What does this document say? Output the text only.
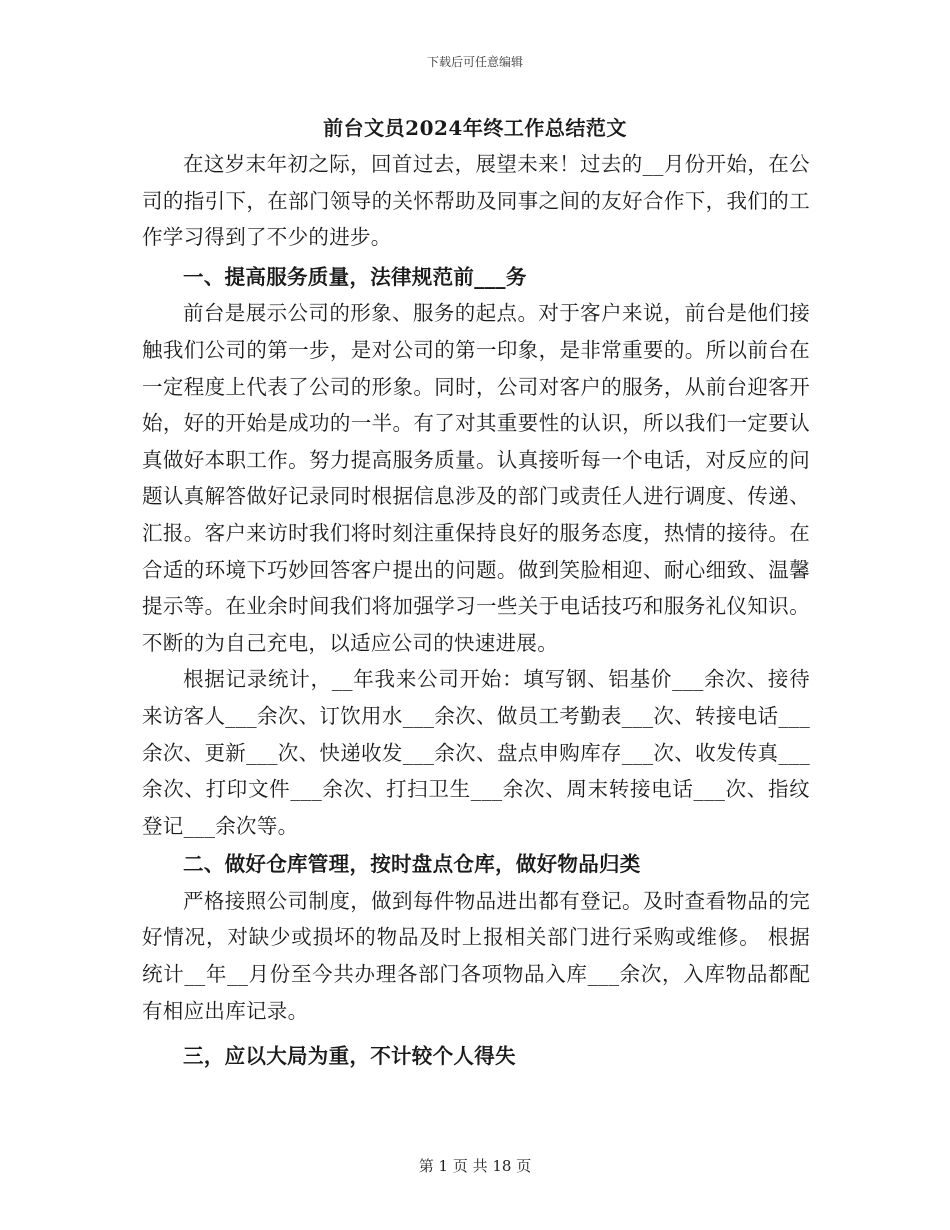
下载后可任意编辑
前台文员2024年终工作总结范文

在这岁末年初之际，回首过去，展望未来！过去的__月份开始，在公司的指引下，在部门领导的关怀帮助及同事之间的友好合作下，我们的工作学习得到了不少的进步。

一、提高服务质量，法律规范前___务

前台是展示公司的形象、服务的起点。对于客户来说，前台是他们接触我们公司的第一步，是对公司的第一印象，是非常重要的。所以前台在一定程度上代表了公司的形象。同时，公司对客户的服务，从前台迎客开始，好的开始是成功的一半。有了对其重要性的认识，所以我们一定要认真做好本职工作。努力提高服务质量。认真接听每一个电话，对反应的问题认真解答做好记录同时根据信息涉及的部门或责任人进行调度、传递、汇报。客户来访时我们将时刻注重保持良好的服务态度，热情的接待。在合适的环境下巧妙回答客户提出的问题。做到笑脸相迎、耐心细致、温馨提示等。在业余时间我们将加强学习一些关于电话技巧和服务礼仪知识。不断的为自己充电，以适应公司的快速进展。

根据记录统计，__年我来公司开始：填写钢、铝基价___余次、接待来访客人___余次、订饮用水___余次、做员工考勤表___次、转接电话___余次、更新___次、快递收发___余次、盘点申购库存___次、收发传真___余次、打印文件___余次、打扫卫生___余次、周末转接电话___次、指纹登记___余次等。

二、做好仓库管理，按时盘点仓库，做好物品归类

严格接照公司制度，做到每件物品进出都有登记。及时查看物品的完好情况，对缺少或损坏的物品及时上报相关部门进行采购或维修。 根据统计__年__月份至今共办理各部门各项物品入库___余次，入库物品都配有相应出库记录。

三，应以大局为重，不计较个人得失

第 1 页 共 18 页
